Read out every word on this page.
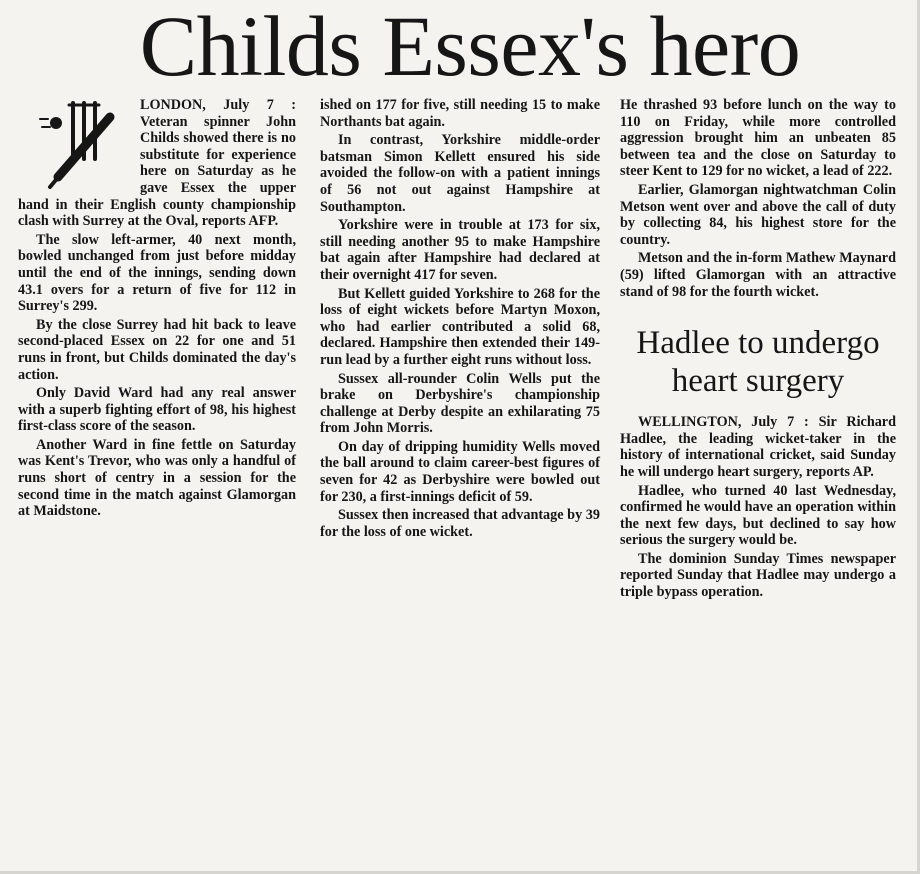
Childs Essex's hero

LONDON, July 7 : Veteran spinner John Childs showed there is no substitute for experience here on Saturday as he gave Essex the upper hand in their English county championship clash with Surrey at the Oval, reports AFP.

The slow left-armer, 40 next month, bowled unchanged from just before midday until the end of the innings, sending down 43.1 overs for a return of five for 112 in Surrey's 299.

By the close Surrey had hit back to leave second-placed Essex on 22 for one and 51 runs in front, but Childs dominated the day's action.

Only David Ward had any real answer with a superb fighting effort of 98, his highest first-class score of the season.

Another Ward in fine fettle on Saturday was Kent's Trevor, who was only a handful of runs short of centry in a session for the second time in the match against Glamorgan at Maidstone.

ished on 177 for five, still needing 15 to make Northants bat again.

In contrast, Yorkshire middle-order batsman Simon Kellett ensured his side avoided the follow-on with a patient innings of 56 not out against Hampshire at Southampton.

Yorkshire were in trouble at 173 for six, still needing another 95 to make Hampshire bat again after Hampshire had declared at their overnight 417 for seven.

But Kellett guided Yorkshire to 268 for the loss of eight wickets before Martyn Moxon, who had earlier contributed a solid 68, declared. Hampshire then extended their 149-run lead by a further eight runs without loss.

Sussex all-rounder Colin Wells put the brake on Derbyshire's championship challenge at Derby despite an exhilarating 75 from John Morris.

On day of dripping humidity Wells moved the ball around to claim career-best figures of seven for 42 as Derbyshire were bowled out for 230, a first-innings deficit of 59.

Sussex then increased that advantage by 39 for the loss of one wicket.

He thrashed 93 before lunch on the way to 110 on Friday, while more controlled aggression brought him an unbeaten 85 between tea and the close on Saturday to steer Kent to 129 for no wicket, a lead of 222.

Earlier, Glamorgan nightwatchman Colin Metson went over and above the call of duty by collecting 84, his highest store for the country.

Metson and the in-form Mathew Maynard (59) lifted Glamorgan with an attractive stand of 98 for the fourth wicket.

Hadlee to undergo heart surgery

WELLINGTON, July 7 : Sir Richard Hadlee, the leading wicket-taker in the history of international cricket, said Sunday he will undergo heart surgery, reports AP.

Hadlee, who turned 40 last Wednesday, confirmed he would have an operation within the next few days, but declined to say how serious the surgery would be.

The dominion Sunday Times newspaper reported Sunday that Hadlee may undergo a triple bypass operation.
